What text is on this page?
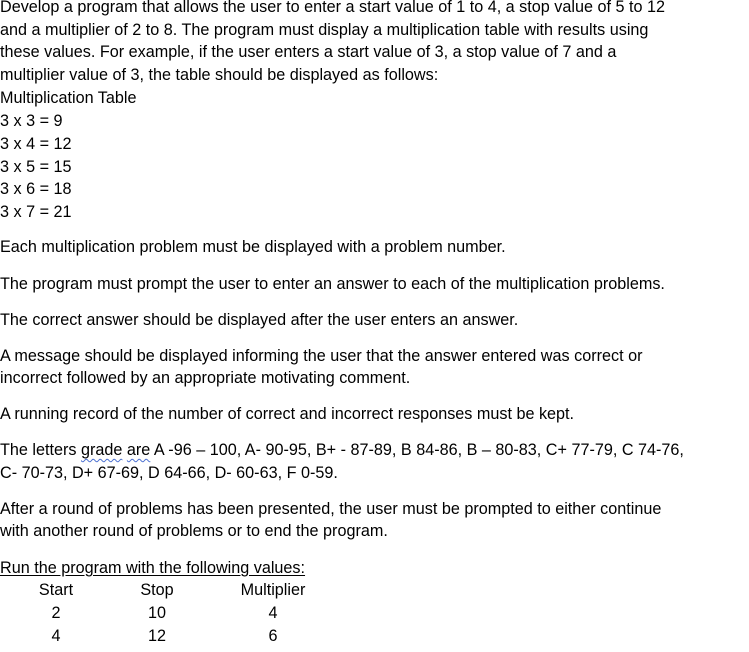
Develop a program that allows the user to enter a start value of 1 to 4, a stop value of 5 to 12
and a multiplier of 2 to 8. The program must display a multiplication table with results using
these values. For example, if the user enters a start value of 3, a stop value of 7 and a
multiplier value of 3, the table should be displayed as follows:
Multiplication Table
3 x 3 = 9
3 x 4 = 12
3 x 5 = 15
3 x 6 = 18
3 x 7 = 21
Each multiplication problem must be displayed with a problem number.
The program must prompt the user to enter an answer to each of the multiplication problems.
The correct answer should be displayed after the user enters an answer.
A message should be displayed informing the user that the answer entered was correct or
incorrect followed by an appropriate motivating comment.
A running record of the number of correct and incorrect responses must be kept.
The letters grade are A -96 – 100, A- 90-95, B+ - 87-89, B 84-86, B – 80-83, C+ 77-79, C 74-76,
C- 70-73, D+ 67-69, D 64-66, D- 60-63, F 0-59.
After a round of problems has been presented, the user must be prompted to either continue
with another round of problems or to end the program.
Run the program with the following values:
Start	Stop	Multiplier
2	10	4
4	12	6
